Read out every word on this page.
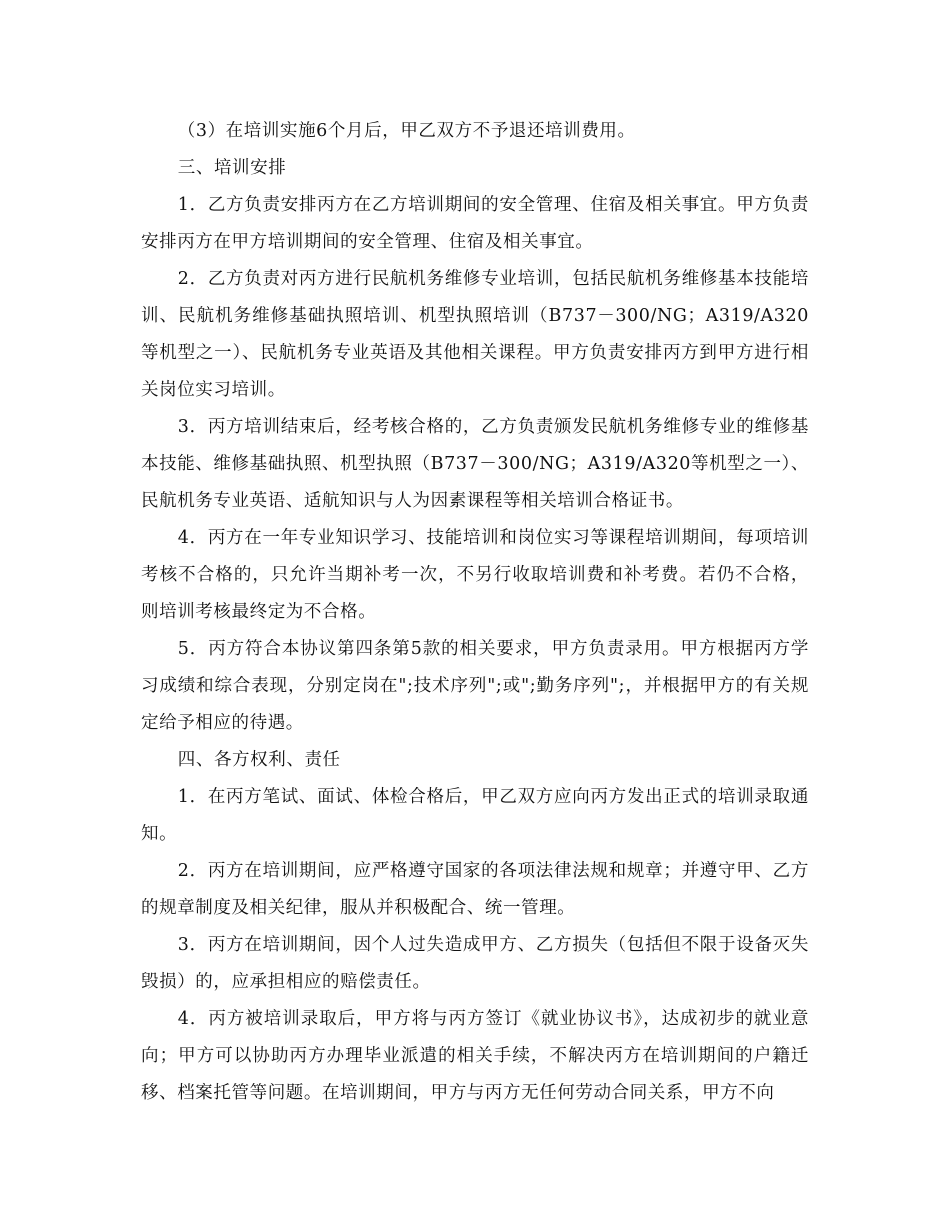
（3）在培训实施6个月后，甲乙双方不予退还培训费用。

三、培训安排

1．乙方负责安排丙方在乙方培训期间的安全管理、住宿及相关事宜。甲方负责安排丙方在甲方培训期间的安全管理、住宿及相关事宜。

2．乙方负责对丙方进行民航机务维修专业培训，包括民航机务维修基本技能培训、民航机务维修基础执照培训、机型执照培训（B737－300/NG；A319/A320等机型之一）、民航机务专业英语及其他相关课程。甲方负责安排丙方到甲方进行相关岗位实习培训。

3．丙方培训结束后，经考核合格的，乙方负责颁发民航机务维修专业的维修基本技能、维修基础执照、机型执照（B737－300/NG；A319/A320等机型之一）、民航机务专业英语、适航知识与人为因素课程等相关培训合格证书。

4．丙方在一年专业知识学习、技能培训和岗位实习等课程培训期间，每项培训考核不合格的，只允许当期补考一次，不另行收取培训费和补考费。若仍不合格，则培训考核最终定为不合格。

5．丙方符合本协议第四条第5款的相关要求，甲方负责录用。甲方根据丙方学习成绩和综合表现，分别定岗在";技术序列";或";勤务序列";，并根据甲方的有关规定给予相应的待遇。

四、各方权利、责任

1．在丙方笔试、面试、体检合格后，甲乙双方应向丙方发出正式的培训录取通知。

2．丙方在培训期间，应严格遵守国家的各项法律法规和规章；并遵守甲、乙方的规章制度及相关纪律，服从并积极配合、统一管理。

3．丙方在培训期间，因个人过失造成甲方、乙方损失（包括但不限于设备灭失毁损）的，应承担相应的赔偿责任。

4．丙方被培训录取后，甲方将与丙方签订《就业协议书》，达成初步的就业意向；甲方可以协助丙方办理毕业派遣的相关手续，不解决丙方在培训期间的户籍迁移、档案托管等问题。在培训期间，甲方与丙方无任何劳动合同关系，甲方不向
